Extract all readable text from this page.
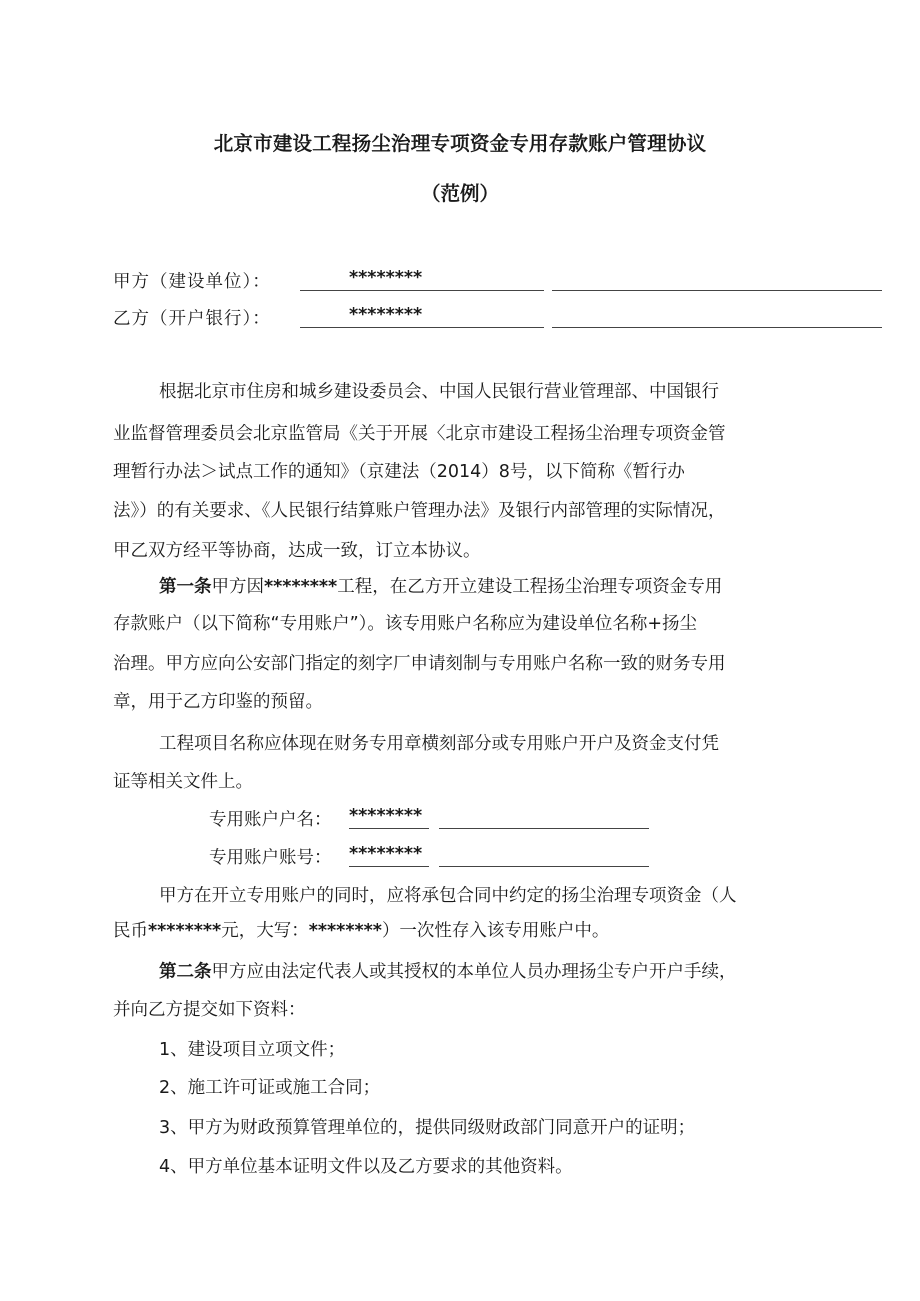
北京市建设工程扬尘治理专项资金专用存款账户管理协议
（范例）
甲方（建设单位）：	********
乙方（开户银行）：	********
根据北京市住房和城乡建设委员会、中国人民银行营业管理部、中国银行
业监督管理委员会北京监管局《关于开展〈北京市建设工程扬尘治理专项资金管
理暂行办法＞试点工作的通知》（京建法（2014）8号，以下简称《暂行办
法》）的有关要求、《人民银行结算账户管理办法》及银行内部管理的实际情况，
甲乙双方经平等协商，达成一致，订立本协议。
第一条甲方因********工程，在乙方开立建设工程扬尘治理专项资金专用
存款账户（以下简称“专用账户”）。该专用账户名称应为建设单位名称+扬尘
治理。甲方应向公安部门指定的刻字厂申请刻制与专用账户名称一致的财务专用
章，用于乙方印鉴的预留。
工程项目名称应体现在财务专用章横刻部分或专用账户开户及资金支付凭
证等相关文件上。
专用账户户名： ********
专用账户账号： ********
甲方在开立专用账户的同时，应将承包合同中约定的扬尘治理专项资金（人
民币********元，大写：********）一次性存入该专用账户中。
第二条甲方应由法定代表人或其授权的本单位人员办理扬尘专户开户手续，
并向乙方提交如下资料：
1、建设项目立项文件；
2、施工许可证或施工合同；
3、甲方为财政预算管理单位的，提供同级财政部门同意开户的证明；
4、甲方单位基本证明文件以及乙方要求的其他资料。
